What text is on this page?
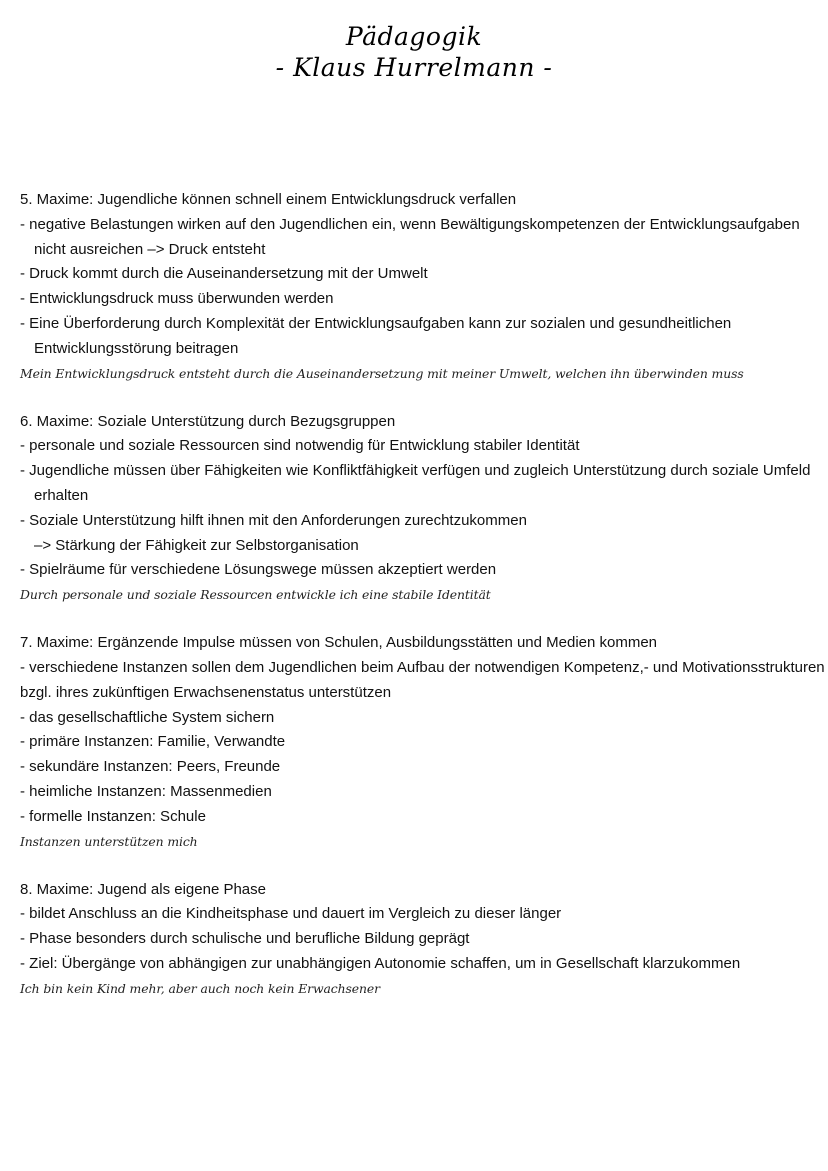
Pädagogik
- Klaus Hurrelmann -
5. Maxime: Jugendliche können schnell einem Entwicklungsdruck verfallen
- negative Belastungen wirken auf den Jugendlichen ein, wenn Bewältigungskompetenzen der Entwicklungsaufgaben
nicht ausreichen –> Druck entsteht
- Druck kommt durch die Auseinandersetzung mit der Umwelt
- Entwicklungsdruck muss überwunden werden
- Eine Überforderung durch Komplexität der Entwicklungsaufgaben kann zur sozialen und gesundheitlichen
Entwicklungsstörung beitragen
Mein Entwicklungsdruck entsteht durch die Auseinandersetzung mit meiner Umwelt, welchen ihn überwinden muss
6. Maxime: Soziale Unterstützung durch Bezugsgruppen
- personale und soziale Ressourcen sind notwendig für Entwicklung stabiler Identität
- Jugendliche müssen über Fähigkeiten wie Konfliktfähigkeit verfügen und zugleich Unterstützung durch soziale Umfeld
erhalten
- Soziale Unterstützung hilft ihnen mit den Anforderungen zurechtzukommen
–> Stärkung der Fähigkeit zur Selbstorganisation
- Spielräume für verschiedene Lösungswege müssen akzeptiert werden
Durch personale und soziale Ressourcen entwickle ich eine stabile Identität
7. Maxime: Ergänzende Impulse müssen von Schulen, Ausbildungsstätten und Medien kommen
- verschiedene Instanzen sollen dem Jugendlichen beim Aufbau der notwendigen Kompetenz,- und Motivationsstrukturen
bzgl. ihres zukünftigen Erwachsenenstatus unterstützen
- das gesellschaftliche System sichern
- primäre Instanzen: Familie, Verwandte
- sekundäre Instanzen: Peers, Freunde
- heimliche Instanzen: Massenmedien
- formelle Instanzen: Schule
Instanzen unterstützen mich
8. Maxime: Jugend als eigene Phase
- bildet Anschluss an die Kindheitsphase und dauert im Vergleich zu dieser länger
- Phase besonders durch schulische und berufliche Bildung geprägt
- Ziel: Übergänge von abhängigen zur unabhängigen Autonomie schaffen, um in Gesellschaft klarzukommen
Ich bin kein Kind mehr, aber auch noch kein Erwachsener
